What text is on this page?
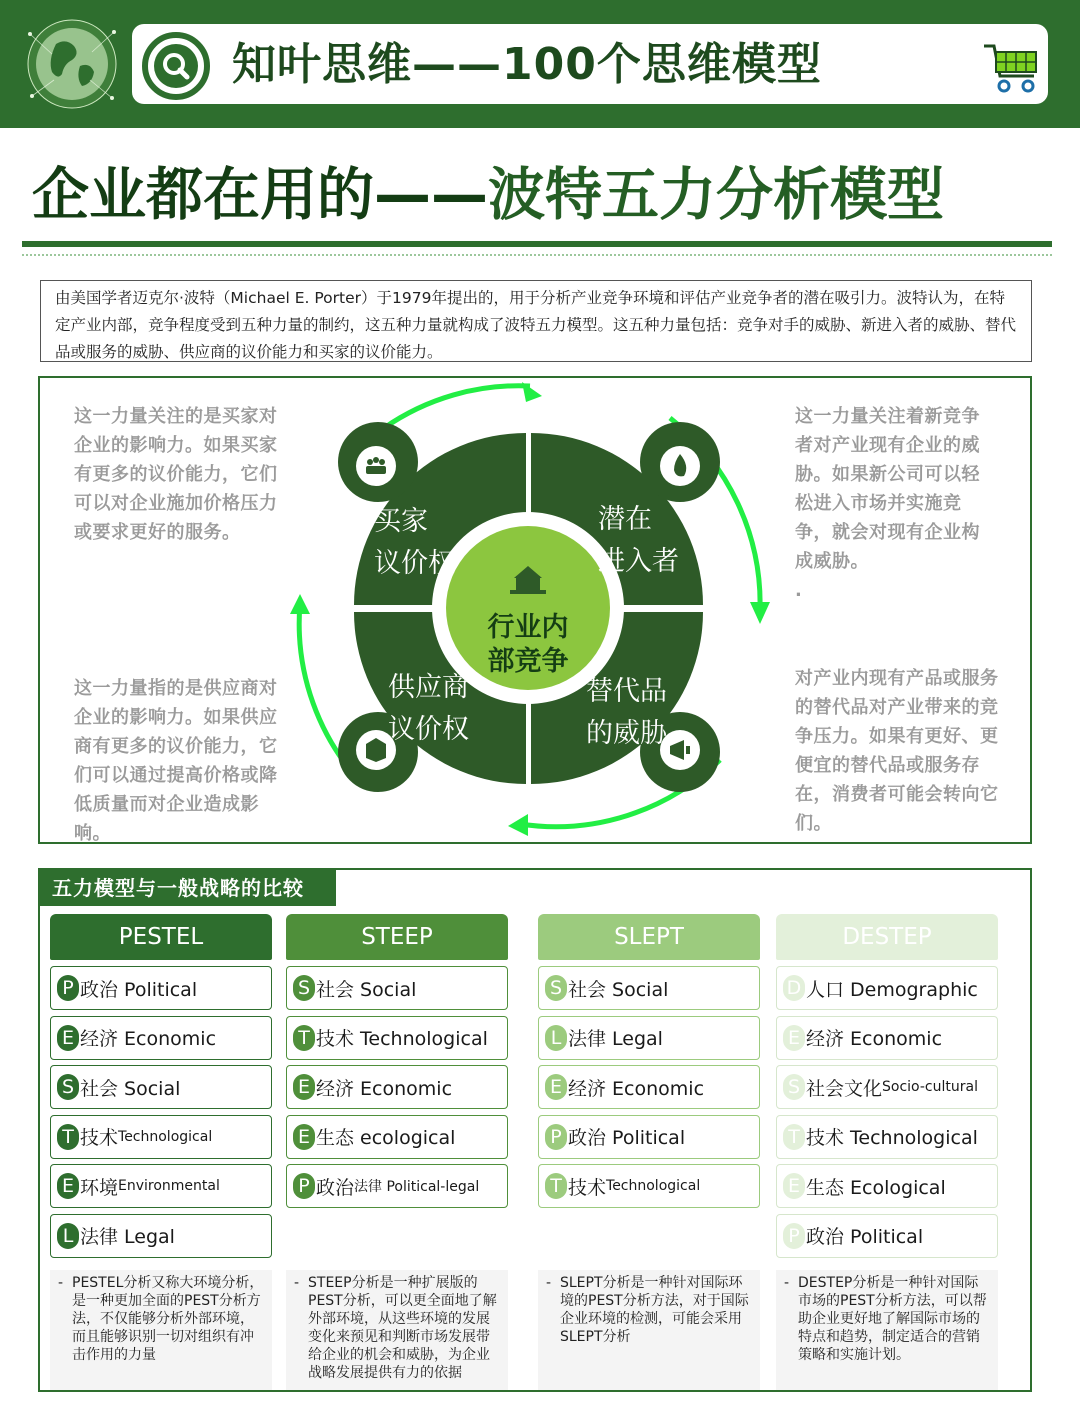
知叶思维——100个思维模型
企业都在用的——波特五力分析模型
由美国学者迈克尔·波特（Michael E. Porter）于1979年提出的，用于分析产业竞争环境和评估产业竞争者的潜在吸引力。波特认为，在特定产业内部，竞争程度受到五种力量的制约，这五种力量就构成了波特五力模型。这五种力量包括：竞争对手的威胁、新进入者的威胁、替代品或服务的威胁、供应商的议价能力和买家的议价能力。
这一力量关注的是买家对企业的影响力。如果买家有更多的议价能力，它们可以对企业施加价格压力或要求更好的服务。
这一力量关注着新竞争者对产业现有企业的威胁。如果新公司可以轻松进入市场并实施竞争，就会对现有企业构成威胁。
.
这一力量指的是供应商对企业的影响力。如果供应商有更多的议价能力，它们可以通过提高价格或降低质量而对企业造成影响。
对产业内现有产品或服务的替代品对产业带来的竞争压力。如果有更好、更便宜的替代品或服务存在，消费者可能会转向它们。
买家
议价权
潜在
进入者
供应商
议价权
替代品
的威胁
行业内
部竞争
五力模型与一般战略的比较
PESTEL
P 政治 Political
E 经济 Economic
S 社会 Social
T 技术 Technological
E 环境 Environmental
L 法律 Legal
- PESTEL分析又称大环境分析，是一种更加全面的PEST分析方法，不仅能够分析外部环境，而且能够识别一切对组织有冲击作用的力量
STEEP
S 社会 Social
T 技术 Technological
E 经济 Economic
E 生态 ecological
P 政治 法律 Political-legal
- STEEP分析是一种扩展版的PEST分析，可以更全面地了解外部环境，从这些环境的发展变化来预见和判断市场发展带给企业的机会和威胁，为企业战略发展提供有力的依据
SLEPT
S 社会 Social
L 法律 Legal
E 经济 Economic
P 政治 Political
T 技术 Technological
- SLEPT分析是一种针对国际环境的PEST分析方法，对于国际企业环境的检测，可能会采用SLEPT分析
DESTEP
D 人口 Demographic
E 经济 Economic
S 社会文化 Socio-cultural
T 技术 Technological
E 生态 Ecological
P 政治 Political
- DESTEP分析是一种针对国际市场的PEST分析方法，可以帮助企业更好地了解国际市场的特点和趋势，制定适合的营销策略和实施计划。
